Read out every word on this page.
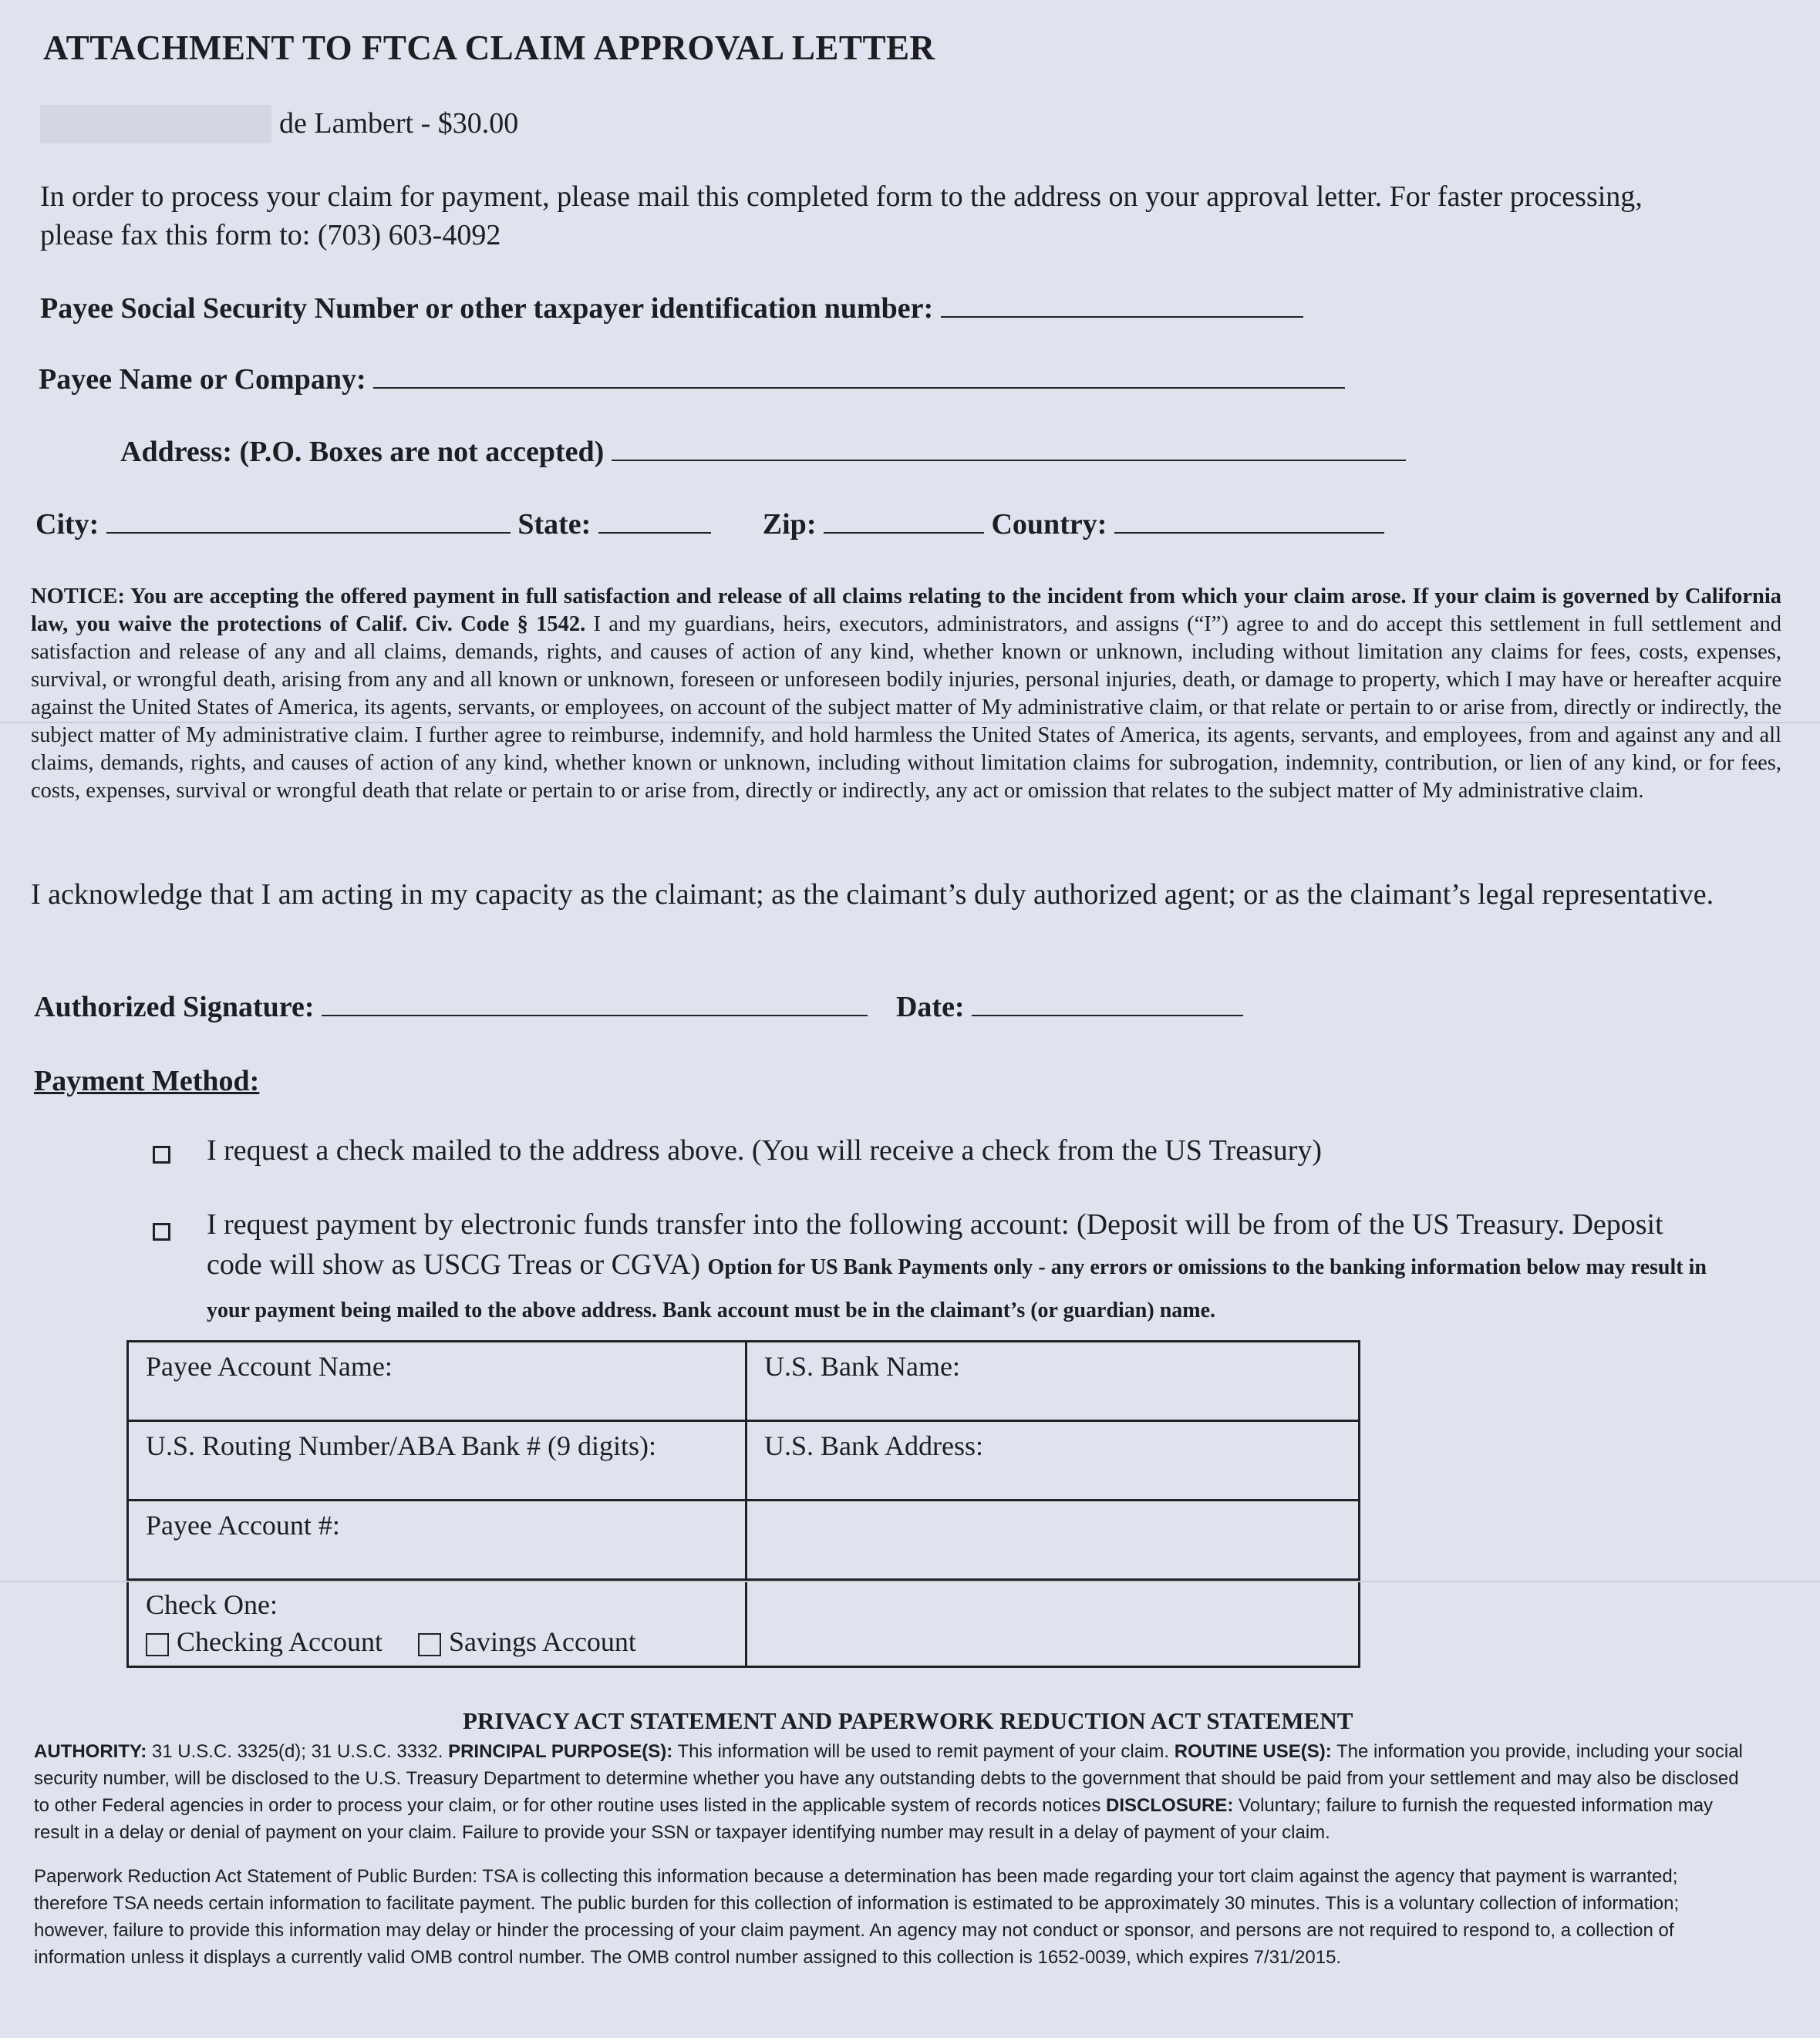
ATTACHMENT TO FTCA CLAIM APPROVAL LETTER
de Lambert - $30.00
In order to process your claim for payment, please mail this completed form to the address on your approval letter. For faster processing, please fax this form to: (703) 603-4092
Payee Social Security Number or other taxpayer identification number:
Payee Name or Company:
Address: (P.O. Boxes are not accepted)
City:	State:	Zip:	Country:
NOTICE: You are accepting the offered payment in full satisfaction and release of all claims relating to the incident from which your claim arose. If your claim is governed by California law, you waive the protections of Calif. Civ. Code § 1542. I and my guardians, heirs, executors, administrators, and assigns (“I”) agree to and do accept this settlement in full settlement and satisfaction and release of any and all claims, demands, rights, and causes of action of any kind, whether known or unknown, including without limitation any claims for fees, costs, expenses, survival, or wrongful death, arising from any and all known or unknown, foreseen or unforeseen bodily injuries, personal injuries, death, or damage to property, which I may have or hereafter acquire against the United States of America, its agents, servants, or employees, on account of the subject matter of My administrative claim, or that relate or pertain to or arise from, directly or indirectly, the subject matter of My administrative claim. I further agree to reimburse, indemnify, and hold harmless the United States of America, its agents, servants, and employees, from and against any and all claims, demands, rights, and causes of action of any kind, whether known or unknown, including without limitation claims for subrogation, indemnity, contribution, or lien of any kind, or for fees, costs, expenses, survival or wrongful death that relate or pertain to or arise from, directly or indirectly, any act or omission that relates to the subject matter of My administrative claim.
I acknowledge that I am acting in my capacity as the claimant; as the claimant’s duly authorized agent; or as the claimant’s legal representative.
Authorized Signature:	Date:
Payment Method:
I request a check mailed to the address above. (You will receive a check from the US Treasury)
I request payment by electronic funds transfer into the following account: (Deposit will be from of the US Treasury. Deposit code will show as USCG Treas or CGVA) Option for US Bank Payments only - any errors or omissions to the banking information below may result in your payment being mailed to the above address. Bank account must be in the claimant’s (or guardian) name.
Payee Account Name:	U.S. Bank Name:
U.S. Routing Number/ABA Bank # (9 digits):	U.S. Bank Address:
Payee Account #:	

Check One:
Checking Account Savings Account	

PRIVACY ACT STATEMENT AND PAPERWORK REDUCTION ACT STATEMENT
AUTHORITY: 31 U.S.C. 3325(d); 31 U.S.C. 3332. PRINCIPAL PURPOSE(S): This information will be used to remit payment of your claim. ROUTINE USE(S): The information you provide, including your social security number, will be disclosed to the U.S. Treasury Department to determine whether you have any outstanding debts to the government that should be paid from your settlement and may also be disclosed to other Federal agencies in order to process your claim, or for other routine uses listed in the applicable system of records notices DISCLOSURE: Voluntary; failure to furnish the requested information may result in a delay or denial of payment on your claim. Failure to provide your SSN or taxpayer identifying number may result in a delay of payment of your claim.
Paperwork Reduction Act Statement of Public Burden: TSA is collecting this information because a determination has been made regarding your tort claim against the agency that payment is warranted; therefore TSA needs certain information to facilitate payment. The public burden for this collection of information is estimated to be approximately 30 minutes. This is a voluntary collection of information; however, failure to provide this information may delay or hinder the processing of your claim payment. An agency may not conduct or sponsor, and persons are not required to respond to, a collection of information unless it displays a currently valid OMB control number. The OMB control number assigned to this collection is 1652-0039, which expires 7/31/2015.
